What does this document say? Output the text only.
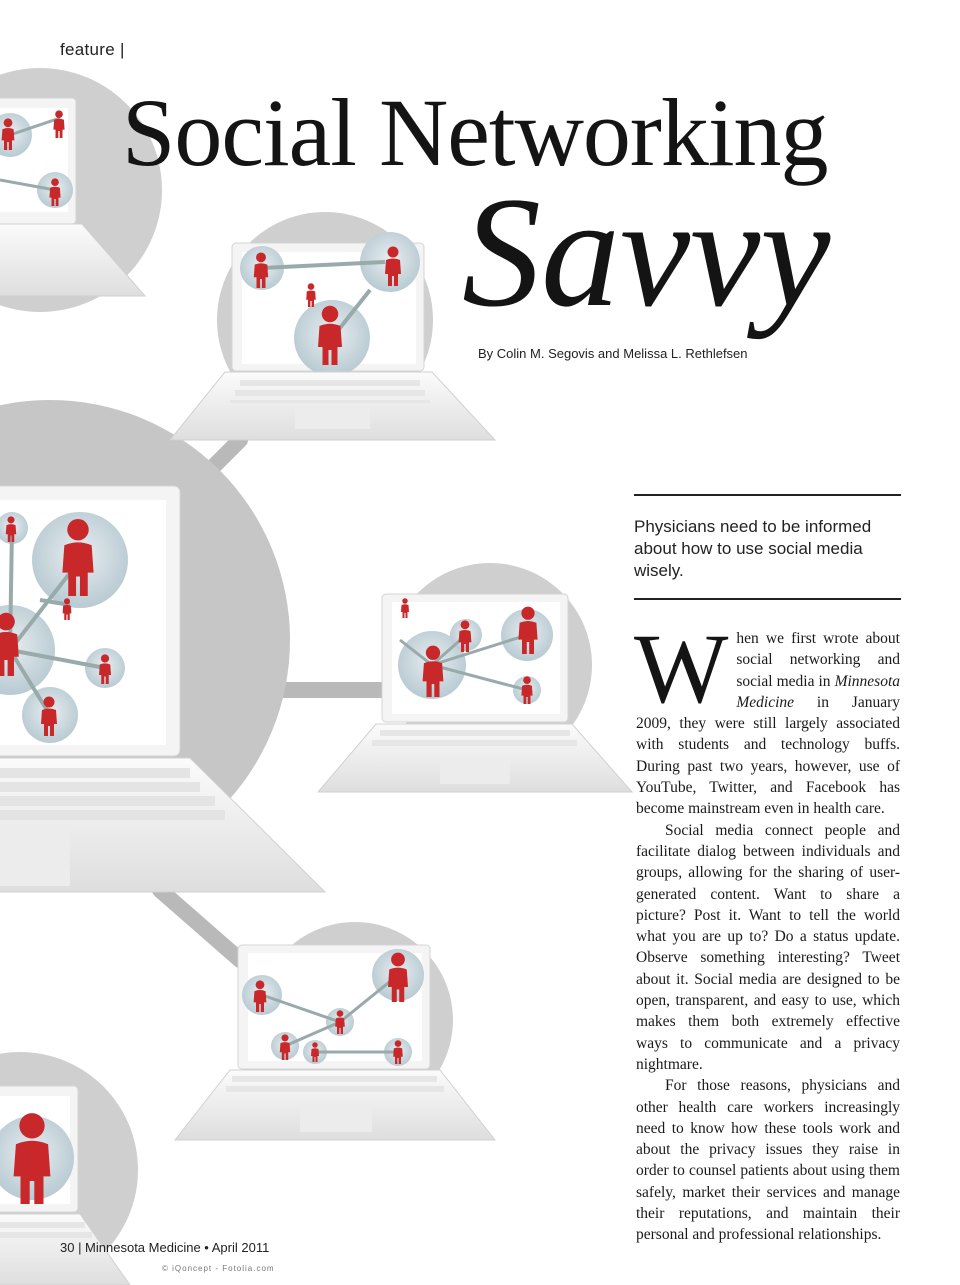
feature |
Social Networking
Savvy
By Colin M. Segovis and Melissa L. Rethlefsen
Physicians need to be informed about how to use social media wisely.

When we first wrote about social networking and social media in Minnesota Medicine in January 2009, they were still largely associated with students and technology buffs. During past two years, however, use of YouTube, Twitter, and Facebook has become mainstream even in health care.

Social media connect people and facilitate dialog between individuals and groups, allowing for the sharing of user-generated content. Want to share a picture? Post it. Want to tell the world what you are up to? Do a status update. Observe something interesting? Tweet about it. Social media are designed to be open, transparent, and easy to use, which makes them both extremely effective ways to communicate and a privacy nightmare.

For those reasons, physicians and other health care workers increasingly need to know how these tools work and about the privacy issues they raise in order to counsel patients about using them safely, market their services and manage their reputations, and maintain their personal and professional relationships.

30 | Minnesota Medicine • April 2011
© iQoncept - Fotolia.com
